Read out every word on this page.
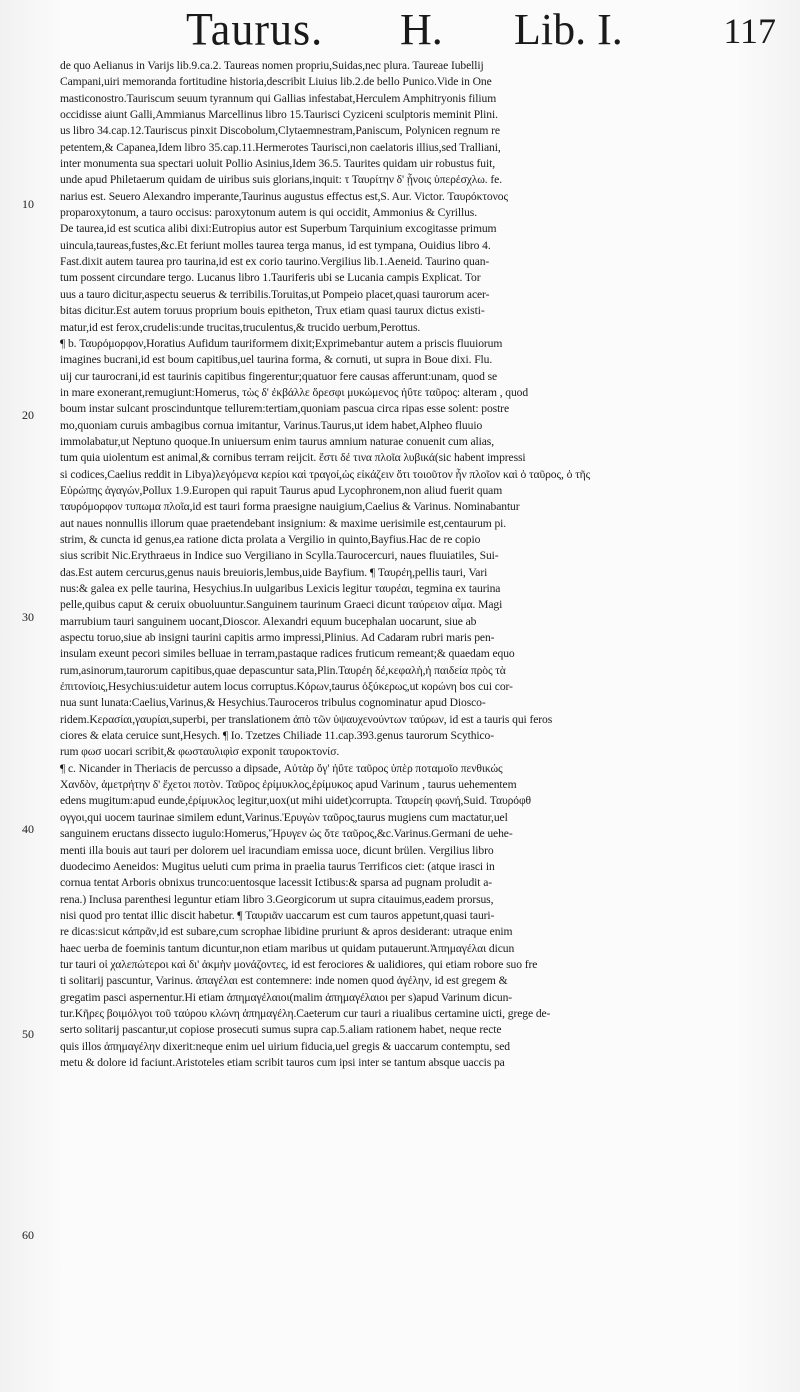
Taurus. H. Lib. I.	117
10
20
30
40
50
60
de quo Aelianus in Varijs lib.9.ca.2. Taureas nomen propriu,Suidas,nec plura. Taureae Iubellij
Campani,uiri memoranda fortitudine historia,describit Liuius lib.2.de bello Punico.Vide in One
masticonostro.Tauriscum seuum tyrannum qui Gallias infestabat,Herculem Amphitryonis filium
occidisse aiunt Galli,Ammianus Marcellinus libro 15.Taurisci Cyziceni sculptoris meminit Plini.
us libro 34.cap.12.Tauriscus pinxit Discobolum,Clytaemnestram,Paniscum, Polynicen regnum re
petentem,& Capanea,Idem libro 35.cap.11.Hermerotes Taurisci,non caelatoris illius,sed Tralliani,
inter monumenta sua spectari uoluit Pollio Asinius,Idem 36.5. Taurites quidam uir robustus fuit,
unde apud Philetaerum quidam de uiribus suis glorians,inquit: τ Ταυρίτην δ' ᾗνοις ὑπερέσχλω. fe.
narius est. Seuero Alexandro imperante,Taurinus augustus effectus est,S. Aur. Victor. Ταυρόκτονος
proparoxytonum, a tauro occisus: paroxytonum autem is qui occidit, Ammonius & Cyrillus.
De taurea,id est scutica alibi dixi:Eutropius autor est Superbum Tarquinium excogitasse primum
uincula,taureas,fustes,&c.Et feriunt molles taurea terga manus, id est tympana, Ouidius libro 4.
Fast.dixit autem taurea pro taurina,id est ex corio taurino.Vergilius lib.1.Aeneid. Taurino quan-
tum possent circundare tergo. Lucanus libro 1.Tauriferis ubi se Lucania campis Explicat. Tor
uus a tauro dicitur,aspectu seuerus & terribilis.Toruitas,ut Pompeio placet,quasi taurorum acer-
bitas dicitur.Est autem toruus proprium bouis epitheton, Trux etiam quasi taurux dictus existi-
matur,id est ferox,crudelis:unde trucitas,truculentus,& trucido uerbum,Perottus.
¶ b. Ταυρόμορφον,Horatius Aufidum tauriformem dixit;Exprimebantur autem a priscis fluuiorum
imagines bucrani,id est boum capitibus,uel taurina forma, & cornuti, ut supra in Boue dixi. Flu.
uij cur taurocrani,id est taurinis capitibus fingerentur;quatuor fere causas afferunt:unam, quod se
in mare exonerant,remugiunt:Homerus, τὼς δ' ἐκβάλλε ὄρεσφι μυκώμενος ἠΰτε ταῦρος: alteram , quod
boum instar sulcant proscinduntque tellurem:tertiam,quoniam pascua circa ripas esse solent: postre
mo,quoniam curuis ambagibus cornua imitantur, Varinus.Taurus,ut idem habet,Alpheo fluuio
immolabatur,ut Neptuno quoque.In uniuersum enim taurus amnium naturae conuenit cum alias,
tum quia uiolentum est animal,& cornibus terram reijcit. ἔστι δέ τινα πλοῖα λυβικά(sic habent impressi
si codices,Caelius reddit in Libya)λεγόμενα κερίοι καὶ τραγοί,ὡς εἰκάζειν ὅτι τοιοῦτον ἦν πλοῖον καὶ ὁ ταῦρος, ὁ τῆς
Εὐρώπης ἀγαγών,Pollux 1.9.Europen qui rapuit Taurus apud Lycophronem,non aliud fuerit quam
ταυρόμορφον τυπωμα πλοῖα,id est tauri forma praesigne nauigium,Caelius & Varinus. Nominabantur
aut naues nonnullis illorum quae praetendebant insignium: & maxime uerisimile est,centaurum pi.
strim, & cuncta id genus,ea ratione dicta prolata a Vergilio in quinto,Bayfius.Hac de re copio
sius scribit Nic.Erythraeus in Indice suo Vergiliano in Scylla.Taurocercuri, naues fluuiatiles, Sui-
das.Est autem cercurus,genus nauis breuioris,lembus,uide Bayfium. ¶ Ταυρέη,pellis tauri, Vari
nus:& galea ex pelle taurina, Hesychius.In uulgaribus Lexicis legitur ταυρέαι, tegmina ex taurina
pelle,quibus caput & ceruix obuoluuntur.Sanguinem taurinum Graeci dicunt ταύρειον αἷμα. Magi
marrubium tauri sanguinem uocant,Dioscor. Alexandri equum bucephalan uocarunt, siue ab
aspectu toruo,siue ab insigni taurini capitis armo impressi,Plinius. Ad Cadaram rubri maris pen-
insulam exeunt pecori similes belluae in terram,pastaque radices fruticum remeant;& quaedam equo
rum,asinorum,taurorum capitibus,quae depascuntur sata,Plin.Ταυρέη δέ,κεφαλὴ,ἡ παιδεία πρὸς τὰ
ἐπιτονίοις,Hesychius:uidetur autem locus corruptus.Κόρων,taurus ὀξύκερως,ut κορώνη bos cui cor-
nua sunt lunata:Caelius,Varinus,& Hesychius.Tauroceros tribulus cognominatur apud Diosco-
ridem.Κερασίαι,γαυρίαι,superbi, per translationem ἀπὸ τῶν ὑψαυχενούντων ταύρων, id est a tauris qui feros
ciores & elata ceruice sunt,Hesych. ¶ Io. Tzetzes Chiliade 11.cap.393.genus taurorum Scythico-
rum φωσ uocari scribit,& φωσταυλιφὶσ exponit ταυροκτονίσ.
¶ c. Nicander in Theriacis de percusso a dipsade, Αὐτὰρ ὅγ' ἠΰτε ταῦρος ὑπὲρ ποταμοῖο πενθικώς
Χανδὸν, ἀμετρήτην δ' ἔχετοι ποτὸν. Ταῦρος ἐρίμυκλος,ἐρίμυκος apud Varinum , taurus uehementem
edens mugitum:apud eunde,ἐρίμυκλος legitur,uox(ut mihi uidet)corrupta. Ταυρείη φωνή,Suid. Ταυρόφθ
ογγοι,qui uocem taurinae similem edunt,Varinus.Ἐρυγὼν ταῦρος,taurus mugiens cum mactatur,uel
sanguinem eructans dissecto iugulo:Homerus,Ἤρυγεν ὡς ὅτε ταῦρος,&c.Varinus.Germani de uehe-
menti illa bouis aut tauri per dolorem uel iracundiam emissa uoce, dicunt brülen. Vergilius libro
duodecimo Aeneidos: Mugitus ueluti cum prima in praelia taurus Terrificos ciet: (atque irasci in
cornua tentat Arboris obnixus trunco:uentosque lacessit Ictibus:& sparsa ad pugnam proludit a-
rena.) Inclusa parenthesi leguntur etiam libro 3.Georgicorum ut supra citauimus,eadem prorsus,
nisi quod pro tentat illic discit habetur. ¶ Ταυριᾶν uaccarum est cum tauros appetunt,quasi tauri-
re dicas:sicut κάπρᾶν,id est subare,cum scrophae libidine pruriunt & apros desiderant: utraque enim
haec uerba de foeminis tantum dicuntur,non etiam maribus ut quidam putauerunt.Ἀπημαγέλαι dicun
tur tauri οἱ χαλεπώτεροι καὶ δι' ἀκμὴν μονάζοντες, id est ferociores & ualidiores, qui etiam robore suo fre
ti solitarij pascuntur, Varinus. ἀπαγέλαι est contemnere: inde nomen quod ἀγέλην, id est gregem &
gregatim pasci aspernentur.Hi etiam ἀπημαγέλαιοι(malim ἀπημαγέλαιοι per s)apud Varinum dicun-
tur.Κῆρες βοιμόλγοι τοῦ ταύρου κλώνη ἀπημαγέλη.Caeterum cur tauri a riualibus certamine uicti, grege de-
serto solitarij pascantur,ut copiose prosecuti sumus supra cap.5.aliam rationem habet, neque recte
quis illos ἀπημαγέλην dixerit:neque enim uel uirium fiducia,uel gregis & uaccarum contemptu, sed
metu & dolore id faciunt.Aristoteles etiam scribit tauros cum ipsi inter se tantum absque uaccis pa
